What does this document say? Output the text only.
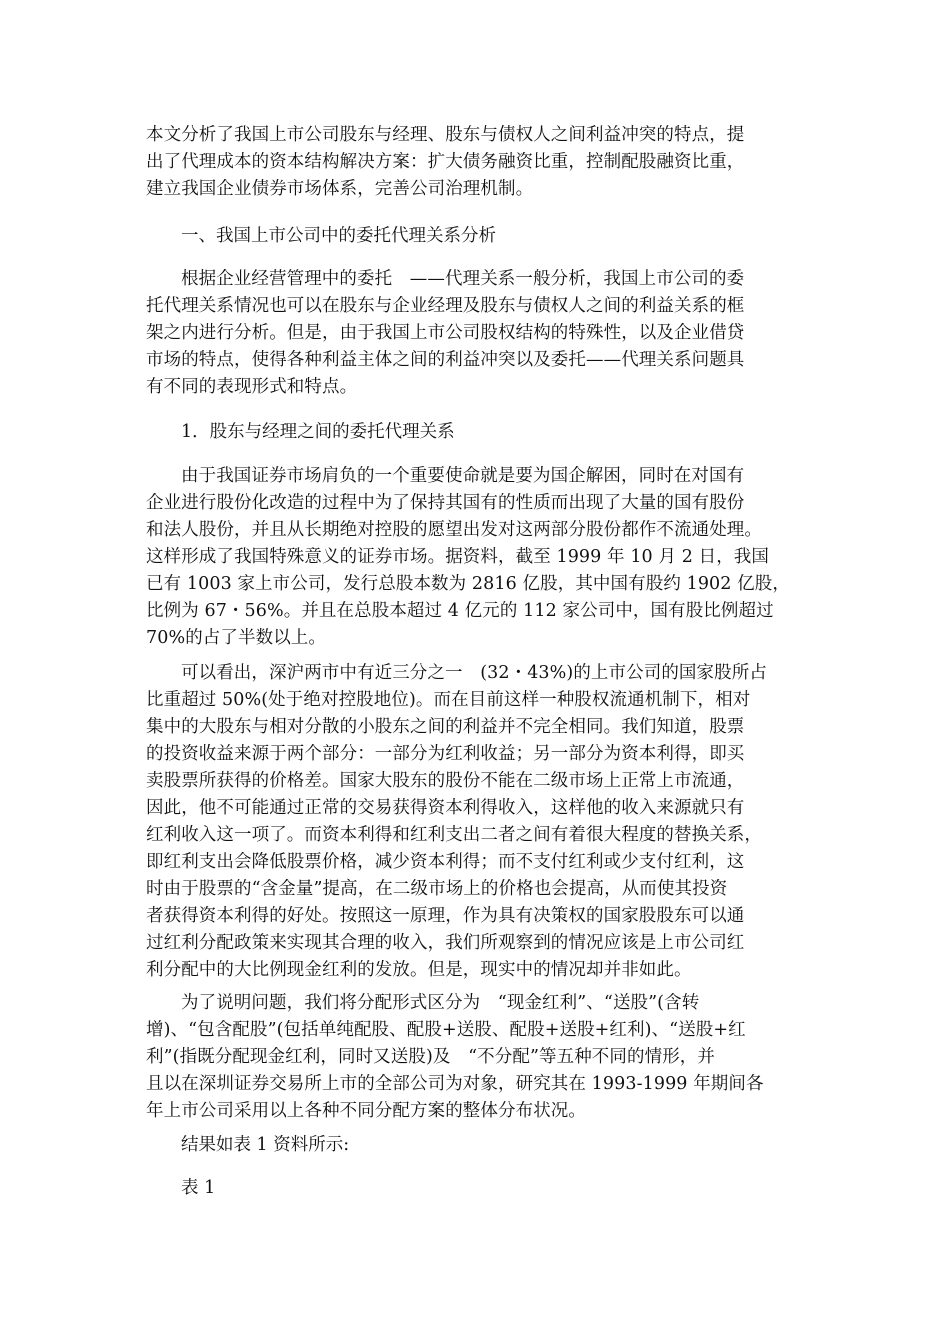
本文分析了我国上市公司股东与经理、股东与债权人之间利益冲突的特点，提
出了代理成本的资本结构解决方案：扩大债务融资比重，控制配股融资比重，
建立我国企业债券市场体系，完善公司治理机制。
一、我国上市公司中的委托代理关系分析
根据企业经营管理中的委托　——代理关系一般分析，我国上市公司的委
托代理关系情况也可以在股东与企业经理及股东与债权人之间的利益关系的框
架之内进行分析。但是，由于我国上市公司股权结构的特殊性，以及企业借贷
市场的特点，使得各种利益主体之间的利益冲突以及委托——代理关系问题具
有不同的表现形式和特点。
1．股东与经理之间的委托代理关系
由于我国证券市场肩负的一个重要使命就是要为国企解困，同时在对国有
企业进行股份化改造的过程中为了保持其国有的性质而出现了大量的国有股份
和法人股份，并且从长期绝对控股的愿望出发对这两部分股份都作不流通处理。
这样形成了我国特殊意义的证券市场。据资料，截至 1999 年 10 月 2 日，我国
已有 1003 家上市公司，发行总股本数为 2816 亿股，其中国有股约 1902 亿股，
比例为 67・56%。并且在总股本超过 4 亿元的 112 家公司中，国有股比例超过
70%的占了半数以上。
可以看出，深沪两市中有近三分之一　(32・43%)的上市公司的国家股所占
比重超过 50%(处于绝对控股地位)。而在目前这样一种股权流通机制下，相对
集中的大股东与相对分散的小股东之间的利益并不完全相同。我们知道，股票
的投资收益来源于两个部分：一部分为红利收益；另一部分为资本利得，即买
卖股票所获得的价格差。国家大股东的股份不能在二级市场上正常上市流通，
因此，他不可能通过正常的交易获得资本利得收入，这样他的收入来源就只有
红利收入这一项了。而资本利得和红利支出二者之间有着很大程度的替换关系，
即红利支出会降低股票价格，减少资本利得；而不支付红利或少支付红利，这
时由于股票的“含金量”提高，在二级市场上的价格也会提高，从而使其投资
者获得资本利得的好处。按照这一原理，作为具有决策权的国家股股东可以通
过红利分配政策来实现其合理的收入，我们所观察到的情况应该是上市公司红
利分配中的大比例现金红利的发放。但是，现实中的情况却并非如此。
为了说明问题，我们将分配形式区分为　“现金红利”、“送股”(含转
增)、“包含配股”(包括单纯配股、配股+送股、配股+送股+红利)、“送股+红
利”(指既分配现金红利，同时又送股)及　“不分配”等五种不同的情形，并
且以在深圳证券交易所上市的全部公司为对象，研究其在 1993-1999 年期间各
年上市公司采用以上各种不同分配方案的整体分布状况。
结果如表 1 资料所示:
表 1
